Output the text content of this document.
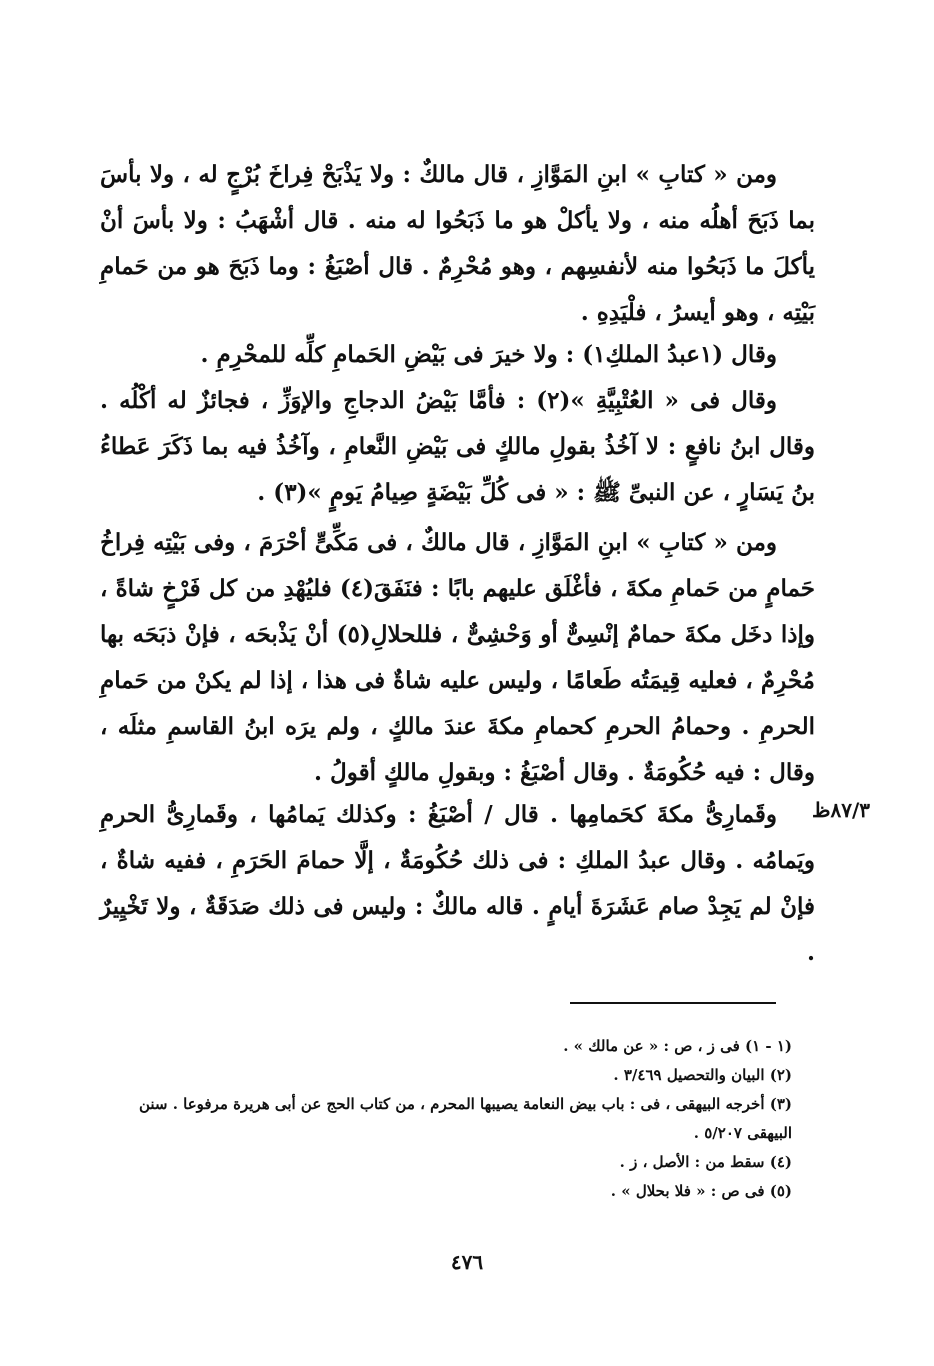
ومن « كتابِ » ابنِ المَوَّازِ ، قال مالكٌ : ولا يَذْبَحْ فِراخَ بُرْجٍ له ، ولا بأسَ بما ذَبَحَ أهلُه منه ، ولا يأكلْ هو ما ذَبَحُوا له منه . قال أشْهَبُ : ولا بأسَ أنْ يأكلَ ما ذَبَحُوا منه لأنفسِهم ، وهو مُحْرِمٌ . قال أصْبَغُ : وما ذَبَحَ هو من حَمامِ بَيْتِه ، وهو أيسرُ ، فلْيَدِهِ .

وقال (١عبدُ الملكِ١) : ولا خيرَ فى بَيْضِ الحَمامِ كلِّه للمحْرِمِ .

وقال فى « العُتْبِيَّةِ »(٢) : فأمَّا بَيْضُ الدجاجِ والإوَزِّ ، فجائزٌ له أكْلُه . وقال ابنُ نافعٍ : لا آخُذُ بقولِ مالكٍ فى بَيْضِ النَّعامِ ، وآخُذُ فيه بما ذَكَرَ عَطاءُ بنُ يَسَارٍ ، عن النبىِّ ﷺ : « فى كُلِّ بَيْضَةٍ صِيامُ يَومٍ »(٣) .

ومن « كتابِ » ابنِ المَوَّازِ ، قال مالكٌ ، فى مَكِّىٍّ أحْرَمَ ، وفى بَيْتِه فِراخُ حَمامٍ من حَمامِ مكةَ ، فأغْلَق عليهم بابًا : فنَفَقَ(٤) فليُهْدِ من كل فَرْخٍ شاةً ، وإذا دخَل مكةَ حمامٌ إنْسِىٌّ أو وَحْشِىٌّ ، فللحلالِ(٥) أنْ يَذْبحَه ، فإنْ ذبَحَه بها مُحْرِمٌ ، فعليه قِيمَتُه طَعامًا ، وليس عليه شاةٌ فى هذا ، إذا لم يكنْ من حَمامِ الحرمِ . وحمامُ الحرمِ كحمامِ مكةَ عندَ مالكٍ ، ولم يرَه ابنُ القاسمِ مثلَه ، وقال : فيه حُكُومَةٌ . وقال أصْبَغُ : وبقولِ مالكٍ أقولُ .

وقَمارِىُّ مكةَ كحَمامِها . قال / أصْبَغُ : وكذلك يَمامُها ، وقَمارِىُّ الحرمِ ويَمامُه . وقال عبدُ الملكِ : فى ذلك حُكُومَةٌ ، إلَّا حمامَ الحَرَمِ ، ففيه شاةٌ ، فإنْ لم يَجِدْ صام عَشَرَةَ أيامٍ . قاله مالكٌ : وليس فى ذلك صَدَقَةٌ ، ولا تَخْيِيرٌ .

٨٧/٣ظ

(١ - ١) فى ز ، ص : « عن مالك » .

(٢) البيان والتحصيل ٣/٤٦٩ .

(٣) أخرجه البيهقى ، فى : باب بيض النعامة يصيبها المحرم ، من كتاب الحج عن أبى هريرة مرفوعا . سنن البيهقى ٥/٢٠٧ .

(٤) سقط من : الأصل ، ز .

(٥) فى ص : « فلا بحلال » .

٤٧٦
